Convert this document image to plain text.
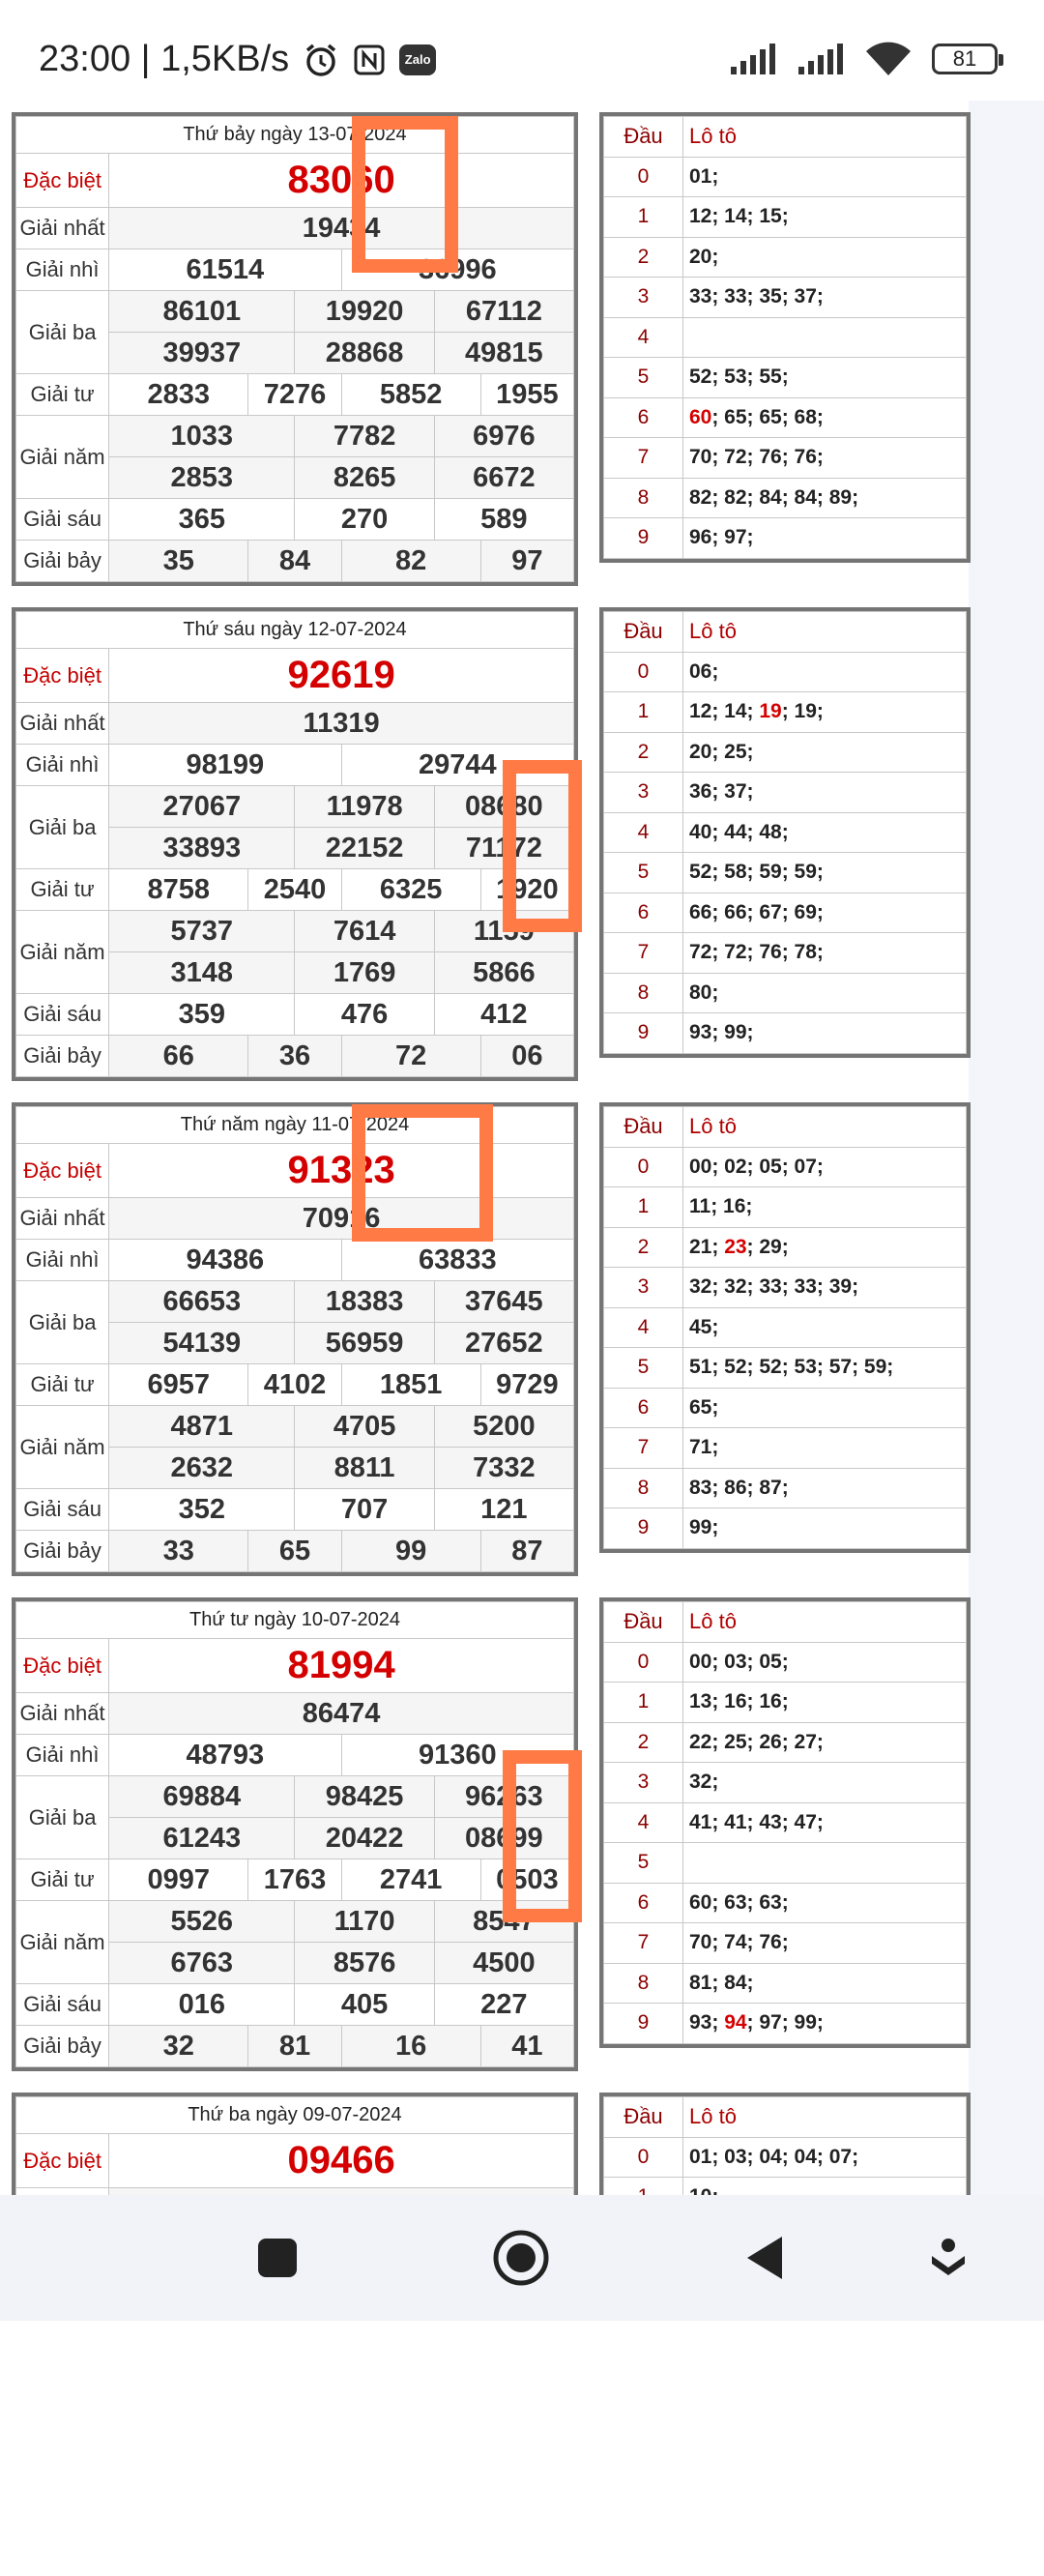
23:00 | 1,5KB/s	Zalo	81
Thứ bảy ngày 13-07-2024						
Đặc biệt	83060					
Giải nhất	19434					
Giải nhì	61514			36996		
Giải ba	86101		19920		67112	
	39937		28868		49815	
Giải tư	2833	7276		5852		1955
Giải năm	1033		7782		6976	
	2853		8265		6672	
Giải sáu	365		270		589	
Giải bảy	35	84		82		97
Đầu	Lô tô
0	01;
1	12; 14; 15;
2	20;
3	33; 33; 35; 37;
4	
5	52; 53; 55;
6	60; 65; 65; 68;
7	70; 72; 76; 76;
8	82; 82; 84; 84; 89;
9	96; 97;
Thứ sáu ngày 12-07-2024						
Đặc biệt	92619					
Giải nhất	11319					
Giải nhì	98199			29744		
Giải ba	27067		11978		08680	
	33893		22152		71172	
Giải tư	8758	2540		6325		1920
Giải năm	5737		7614		1159	
	3148		1769		5866	
Giải sáu	359		476		412	
Giải bảy	66	36		72		06
Đầu	Lô tô
0	06;
1	12; 14; 19; 19;
2	20; 25;
3	36; 37;
4	40; 44; 48;
5	52; 58; 59; 59;
6	66; 66; 67; 69;
7	72; 72; 76; 78;
8	80;
9	93; 99;
Thứ năm ngày 11-07-2024						
Đặc biệt	91323					
Giải nhất	70916					
Giải nhì	94386			63833		
Giải ba	66653		18383		37645	
	54139		56959		27652	
Giải tư	6957	4102		1851		9729
Giải năm	4871		4705		5200	
	2632		8811		7332	
Giải sáu	352		707		121	
Giải bảy	33	65		99		87
Đầu	Lô tô
0	00; 02; 05; 07;
1	11; 16;
2	21; 23; 29;
3	32; 32; 33; 33; 39;
4	45;
5	51; 52; 52; 53; 57; 59;
6	65;
7	71;
8	83; 86; 87;
9	99;
Thứ tư ngày 10-07-2024						
Đặc biệt	81994					
Giải nhất	86474					
Giải nhì	48793			91360		
Giải ba	69884		98425		96263	
	61243		20422		08699	
Giải tư	0997	1763		2741		0503
Giải năm	5526		1170		8547	
	6763		8576		4500	
Giải sáu	016		405		227	
Giải bảy	32	81		16		41
Đầu	Lô tô
0	00; 03; 05;
1	13; 16; 16;
2	22; 25; 26; 27;
3	32;
4	41; 41; 43; 47;
5	
6	60; 63; 63;
7	70; 74; 76;
8	81; 84;
9	93; 94; 97; 99;
Thứ ba ngày 09-07-2024	
Đặc biệt	09466

Đầu	Lô tô
0	01; 03; 04; 04; 07;
